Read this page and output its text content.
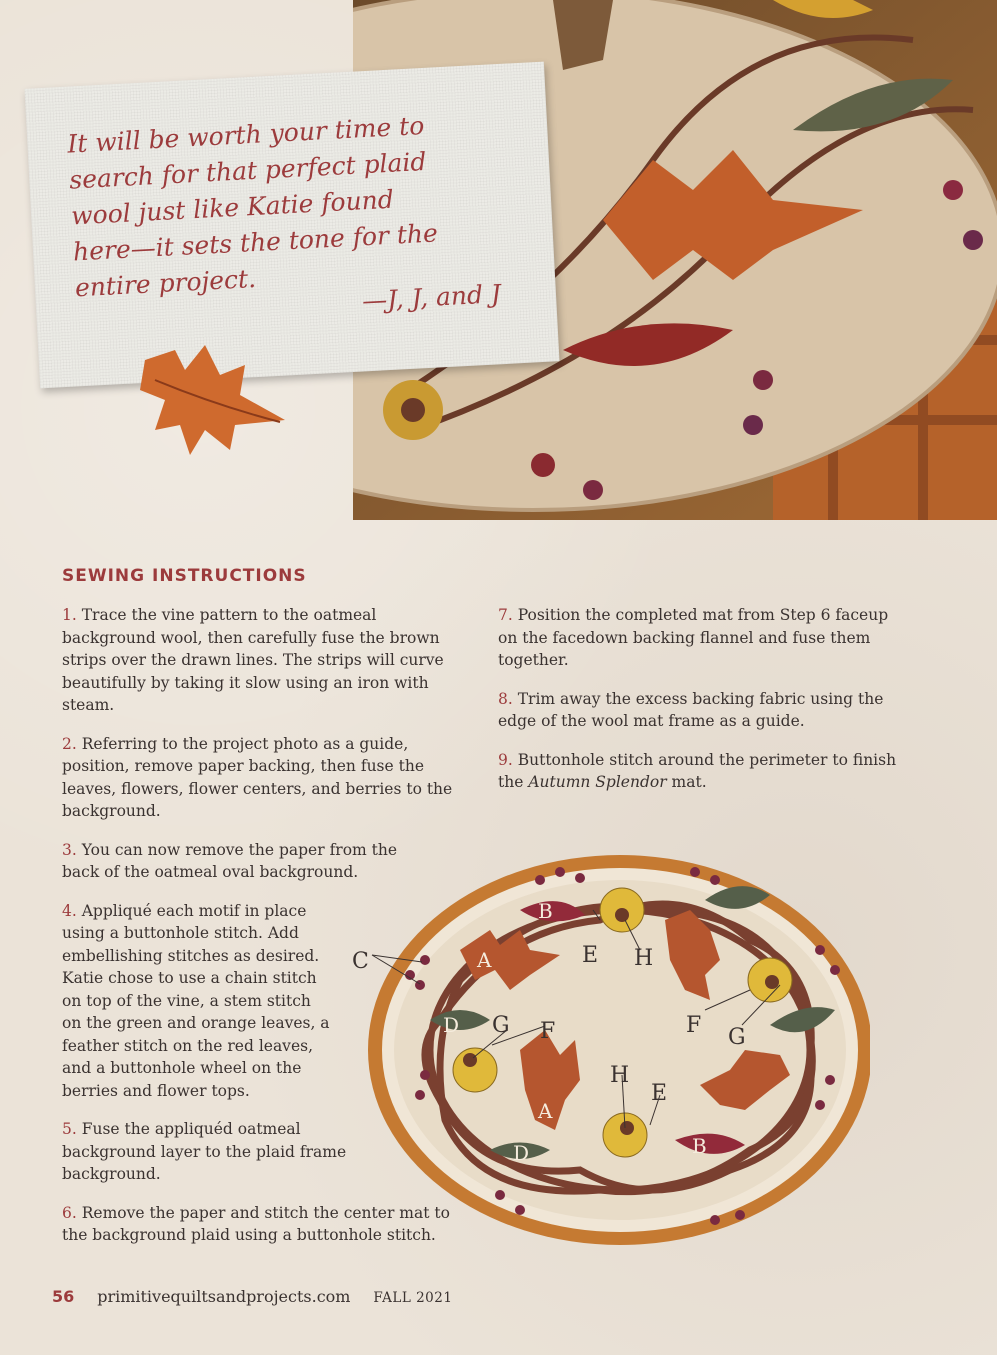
It will be worth your time to
search for that perfect plaid
wool just like Katie found
here—it sets the tone for the
entire project.	—J, J, and J
SEWING INSTRUCTIONS

1. Trace the vine pattern to the oatmeal background wool, then carefully fuse the brown strips over the drawn lines. The strips will curve beautifully by taking it slow using an iron with steam.

2. Referring to the project photo as a guide, position, remove paper backing, then fuse the leaves, flowers, flower centers, and berries to the background.

3. You can now remove the paper from the back of the oatmeal oval background.

4. Appliqué each motif in place using a buttonhole stitch. Add embellishing stitches as desired. Katie chose to use a chain stitch on top of the vine, a stem stitch on the green and orange leaves, a feather stitch on the red leaves, and a buttonhole wheel on the berries and flower tops.

5. Fuse the appliquéd oatmeal background layer to the plaid frame background.

6. Remove the paper and stitch the center mat to the background plaid using a buttonhole stitch.

7. Position the completed mat from Step 6 faceup on the facedown backing flannel and fuse them together.

8. Trim away the excess backing fabric using the edge of the wool mat frame as a guide.

9. Buttonhole stitch around the perimeter to finish the Autumn Splendor mat.

C	E H
G F	F G
H
E
B
A
D
A
D	B
56 primitivequiltsandprojects.com FALL 2021
